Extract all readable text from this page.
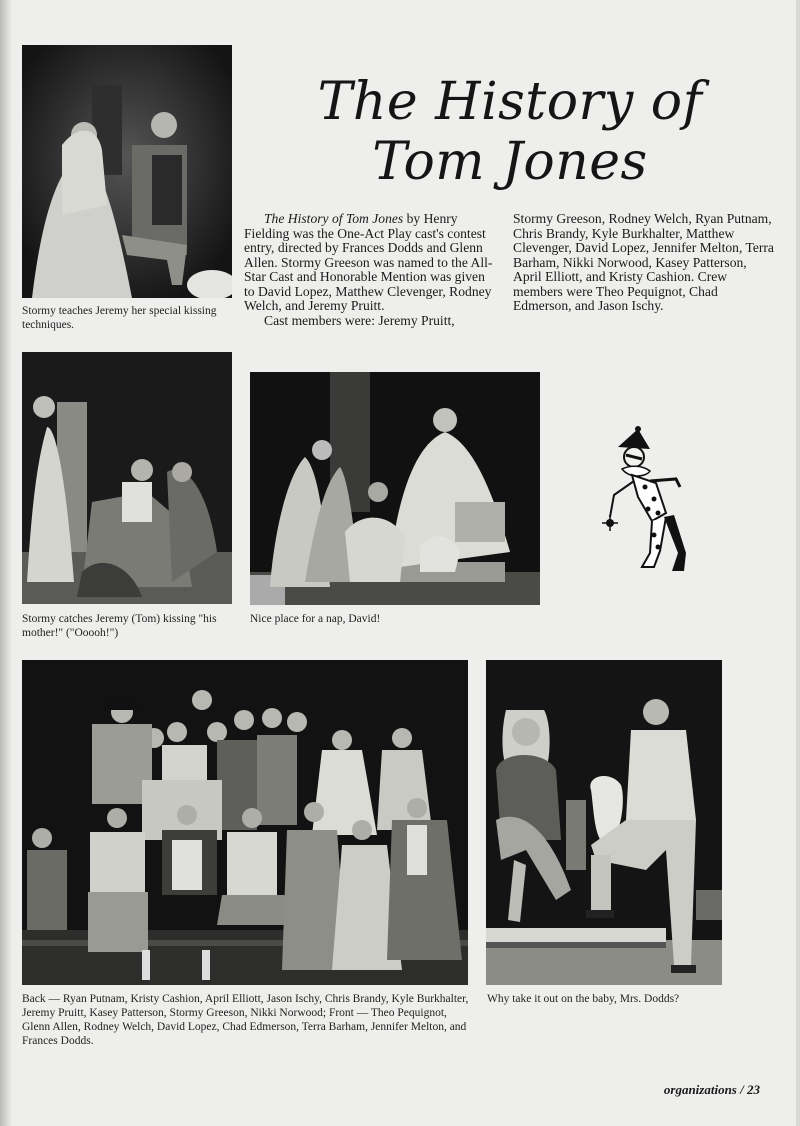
Stormy teaches Jeremy her special kissing techniques.
The History of
Tom Jones

The History of Tom Jones by Henry Fielding was the One-Act Play cast's contest entry, directed by Frances Dodds and Glenn Allen. Stormy Greeson was named to the All-Star Cast and Honorable Mention was given to David Lopez, Matthew Clevenger, Rodney Welch, and Jeremy Pruitt.

Cast members were: Jeremy Pruitt,

Stormy Greeson, Rodney Welch, Ryan Putnam, Chris Brandy, Kyle Burkhalter, Matthew Clevenger, David Lopez, Jennifer Melton, Terra Barham, Nikki Norwood, Kasey Patterson, April Elliott, and Kristy Cashion. Crew members were Theo Pequignot, Chad Edmerson, and Jason Ischy.

Stormy catches Jeremy (Tom) kissing "his mother!" ("Ooooh!")
Nice place for a nap, David!
Back — Ryan Putnam, Kristy Cashion, April Elliott, Jason Ischy, Chris Brandy, Kyle Burkhalter, Jeremy Pruitt, Kasey Patterson, Stormy Greeson, Nikki Norwood; Front — Theo Pequignot, Glenn Allen, Rodney Welch, David Lopez, Chad Edmerson, Terra Barham, Jennifer Melton, and Frances Dodds.
Why take it out on the baby, Mrs. Dodds?
organizations / 23
